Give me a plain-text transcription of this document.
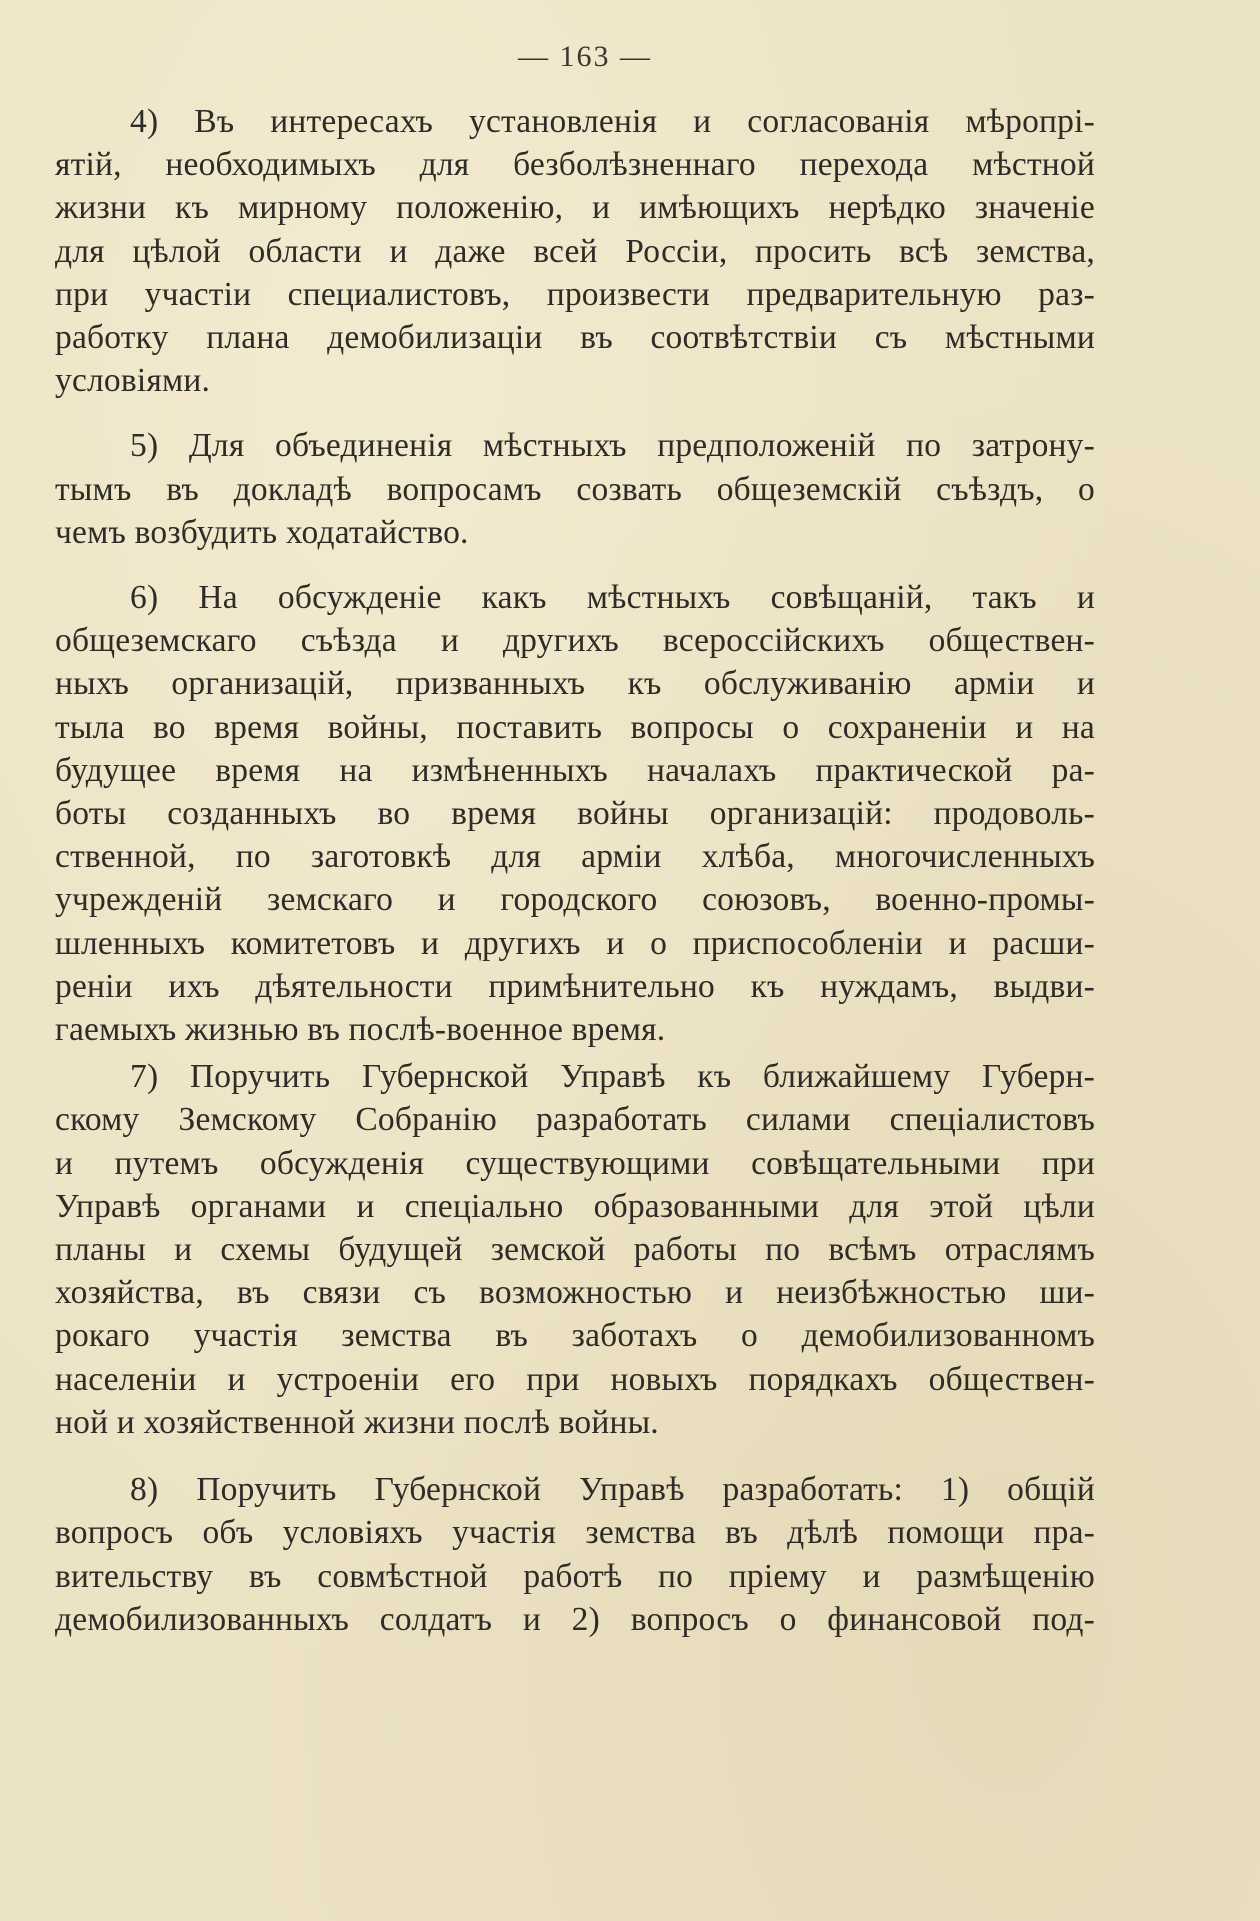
— 163 —

4) Въ интересахъ установленія и согласованія мѣропрі-
ятій, необходимыхъ для безболѣзненнаго перехода мѣстной
жизни къ мирному положенію, и имѣющихъ нерѣдко значеніе
для цѣлой области и даже всей Россіи, просить всѣ земства,
при участіи специалистовъ, произвести предварительную раз-
работку плана демобилизаціи въ соотвѣтствіи съ мѣстными
условіями.

5) Для объединенія мѣстныхъ предположеній по затрону-
тымъ въ докладѣ вопросамъ созвать общеземскій съѣздъ, о
чемъ возбудить ходатайство.

6) На обсужденіе какъ мѣстныхъ совѣщаній, такъ и
общеземскаго съѣзда и другихъ всероссійскихъ обществен-
ныхъ организацій, призванныхъ къ обслуживанію арміи и
тыла во время войны, поставить вопросы о сохраненіи и на
будущее время на измѣненныхъ началахъ практической ра-
боты созданныхъ во время войны организацій: продоволь-
ственной, по заготовкѣ для арміи хлѣба, многочисленныхъ
учрежденій земскаго и городского союзовъ, военно-промы-
шленныхъ комитетовъ и другихъ и о приспособленіи и расши-
реніи ихъ дѣятельности примѣнительно къ нуждамъ, выдви-
гаемыхъ жизнью въ послѣ-военное время.

7) Поручить Губернской Управѣ къ ближайшему Губерн-
скому Земскому Собранію разработать силами спеціалистовъ
и путемъ обсужденія существующими совѣщательными при
Управѣ органами и спеціально образованными для этой цѣли
планы и схемы будущей земской работы по всѣмъ отраслямъ
хозяйства, въ связи съ возможностью и неизбѣжностью ши-
рокаго участія земства въ заботахъ о демобилизованномъ
населеніи и устроеніи его при новыхъ порядкахъ обществен-
ной и хозяйственной жизни послѣ войны.

8) Поручить Губернской Управѣ разработать: 1) общій
вопросъ объ условіяхъ участія земства въ дѣлѣ помощи пра-
вительству въ совмѣстной работѣ по пріему и размѣщенію
демобилизованныхъ солдатъ и 2) вопросъ о финансовой под-
